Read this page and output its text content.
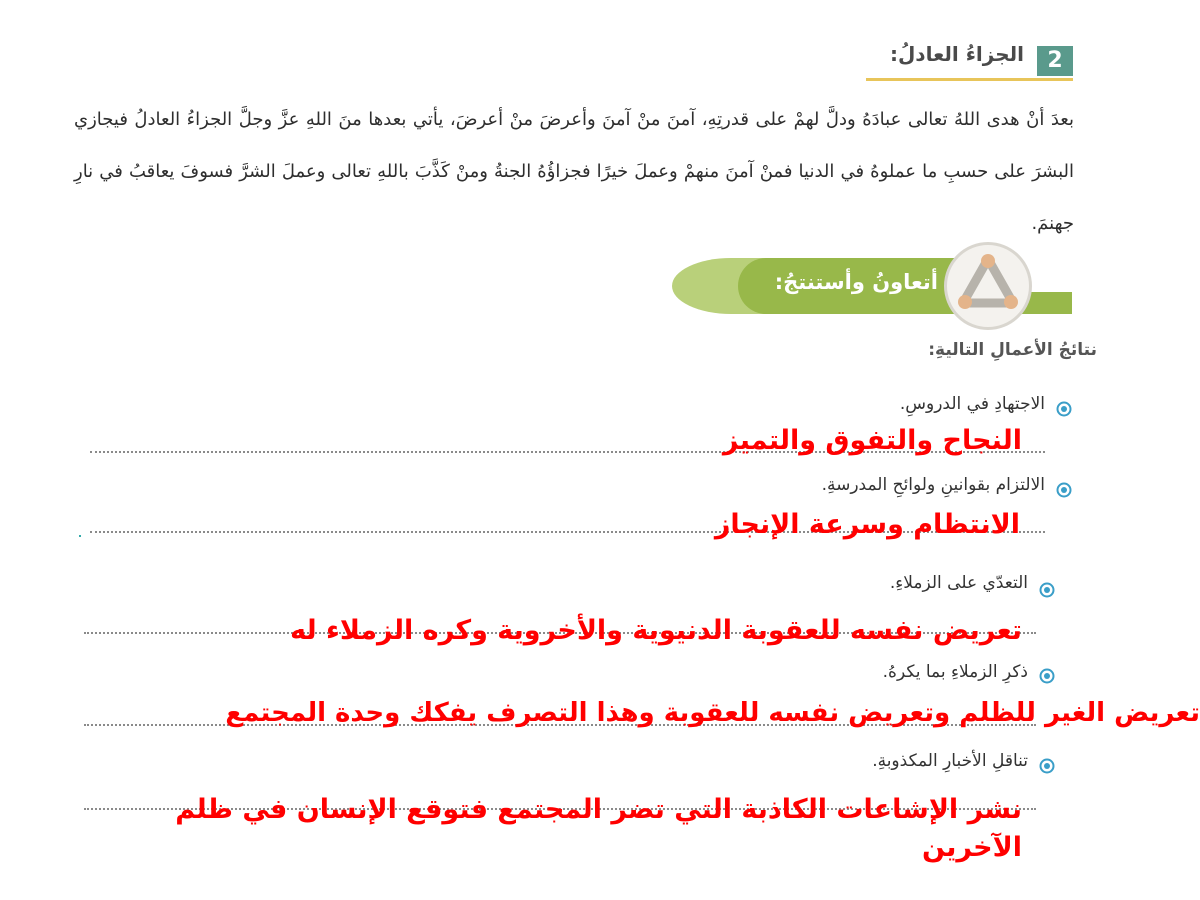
2
الجزاءُ العادلُ:
بعدَ أنْ هدى اللهُ تعالى عبادَهُ ودلَّ لهمْ على قدرتِهِ، آمنَ منْ آمنَ وأعرضَ منْ أعرضَ، يأتي بعدها منَ اللهِ عزَّ وجلَّ الجزاءُ العادلُ فيجازي البشرَ على حسبِ ما عملوهُ في الدنيا فمنْ آمنَ منهمْ وعملَ خيرًا فجزاؤُهُ الجنةُ ومنْ كَذَّبَ باللهِ تعالى وعملَ الشرَّ فسوفَ يعاقبُ في نارِ جهنمَ.
أتعاونُ وأستنتجُ:
نتائجُ الأعمالِ التاليةِ:
الاجتهادِ في الدروسِ.
النجاح والتفوق والتميز
الالتزام بقوانينِ ولوائحِ المدرسةِ.
الانتظام وسرعة الإنجاز
التعدّي على الزملاءِ.
تعريض نفسه للعقوبة الدنيوية والأخروية وكره الزملاء له
ذكرِ الزملاءِ بما يكرهُ.
تعريض الغير للظلم وتعريض نفسه للعقوبة وهذا التصرف يفكك وحدة المجتمع
تناقلِ الأخبارِ المكذوبةِ.
نشر الإشاعات الكاذبة التي تضر المجتمع فتوقع الإنسان في ظلم الآخرين
